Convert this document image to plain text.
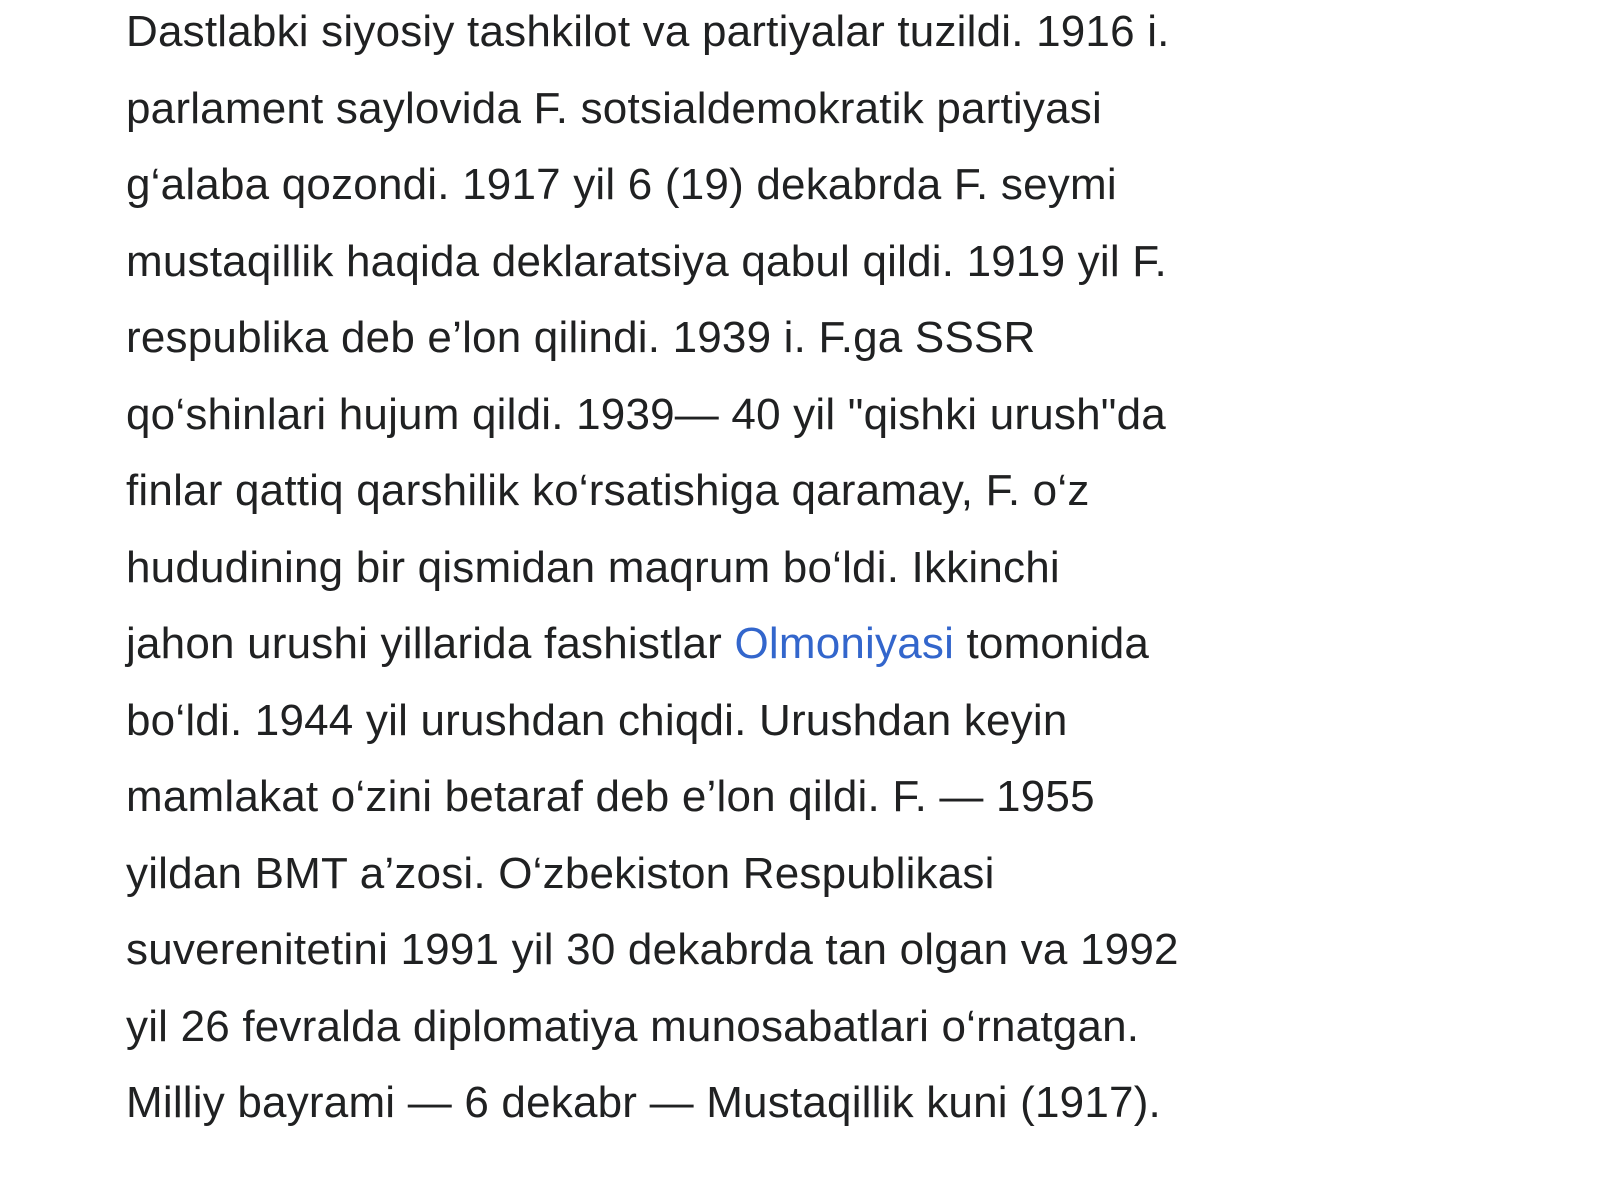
Dastlabki siyosiy tashkilot va partiyalar tuzildi. 1916 i.
parlament saylovida F. sotsialdemokratik partiyasi
g‘alaba qozondi. 1917 yil 6 (19) dekabrda F. seymi
mustaqillik haqida deklaratsiya qabul qildi. 1919 yil F.
respublika deb e’lon qilindi. 1939 i. F.ga SSSR
qo‘shinlari hujum qildi. 1939— 40 yil "qishki urush"da
finlar qattiq qarshilik ko‘rsatishiga qaramay, F. o‘z
hududining bir qismidan maqrum bo‘ldi. Ikkinchi
jahon urushi yillarida fashistlar Olmoniyasi tomonida
bo‘ldi. 1944 yil urushdan chiqdi. Urushdan keyin
mamlakat o‘zini betaraf deb e’lon qildi. F. — 1955
yildan BMT a’zosi. O‘zbekiston Respublikasi
suverenitetini 1991 yil 30 dekabrda tan olgan va 1992
yil 26 fevralda diplomatiya munosabatlari o‘rnatgan.
Milliy bayrami — 6 dekabr — Mustaqillik kuni (1917).
